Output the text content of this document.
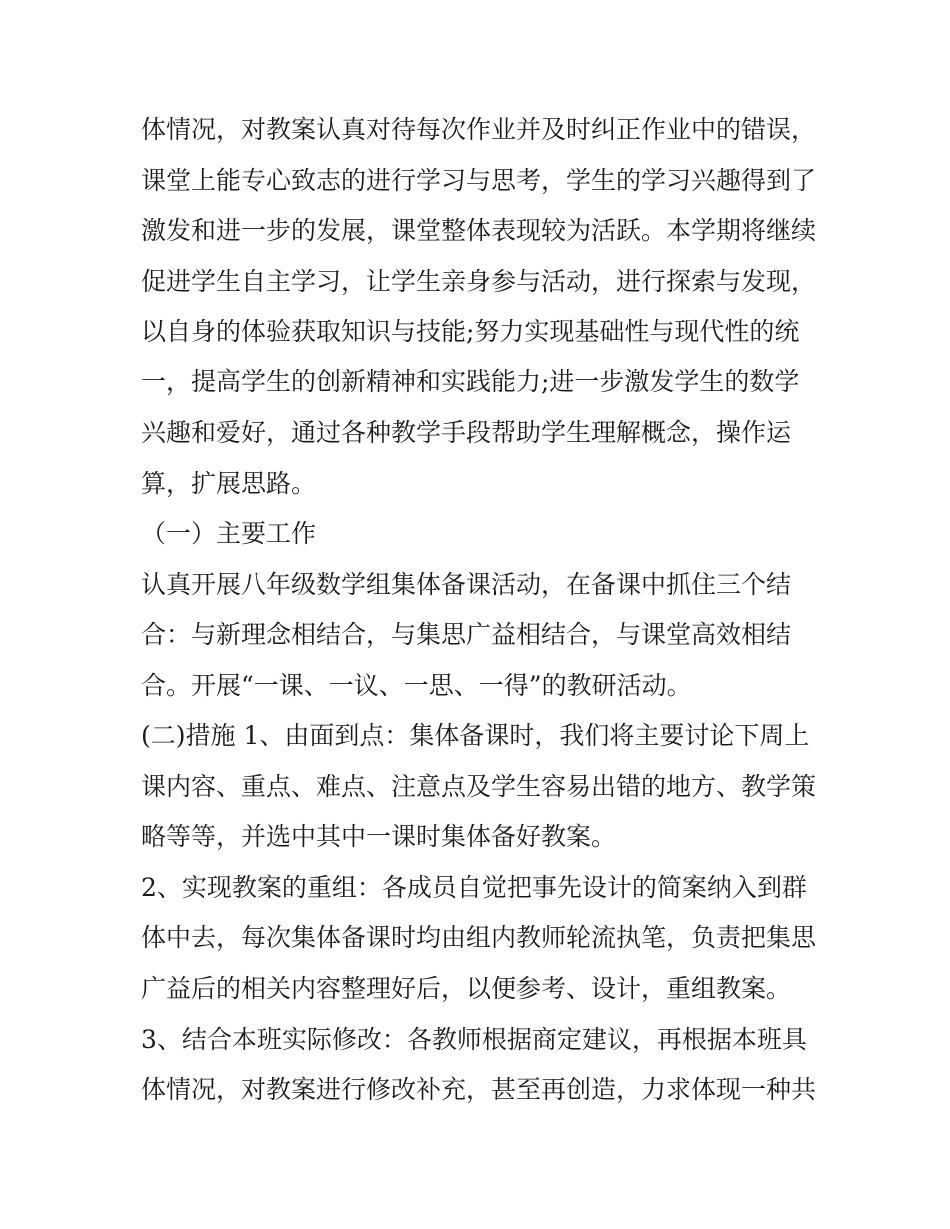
体情况，对教案认真对待每次作业并及时纠正作业中的错误，
课堂上能专心致志的进行学习与思考，学生的学习兴趣得到了
激发和进一步的发展，课堂整体表现较为活跃。本学期将继续
促进学生自主学习，让学生亲身参与活动，进行探索与发现，
以自身的体验获取知识与技能;努力实现基础性与现代性的统
一，提高学生的创新精神和实践能力;进一步激发学生的数学
兴趣和爱好，通过各种教学手段帮助学生理解概念，操作运
算，扩展思路。
（一）主要工作
认真开展八年级数学组集体备课活动，在备课中抓住三个结
合：与新理念相结合，与集思广益相结合，与课堂高效相结
合。开展“一课、一议、一思、一得”的教研活动。
(二)措施 1、由面到点：集体备课时，我们将主要讨论下周上
课内容、重点、难点、注意点及学生容易出错的地方、教学策
略等等，并选中其中一课时集体备好教案。
2、实现教案的重组：各成员自觉把事先设计的简案纳入到群
体中去，每次集体备课时均由组内教师轮流执笔，负责把集思
广益后的相关内容整理好后，以便参考、设计，重组教案。
3、结合本班实际修改：各教师根据商定建议，再根据本班具
体情况，对教案进行修改补充，甚至再创造，力求体现一种共
